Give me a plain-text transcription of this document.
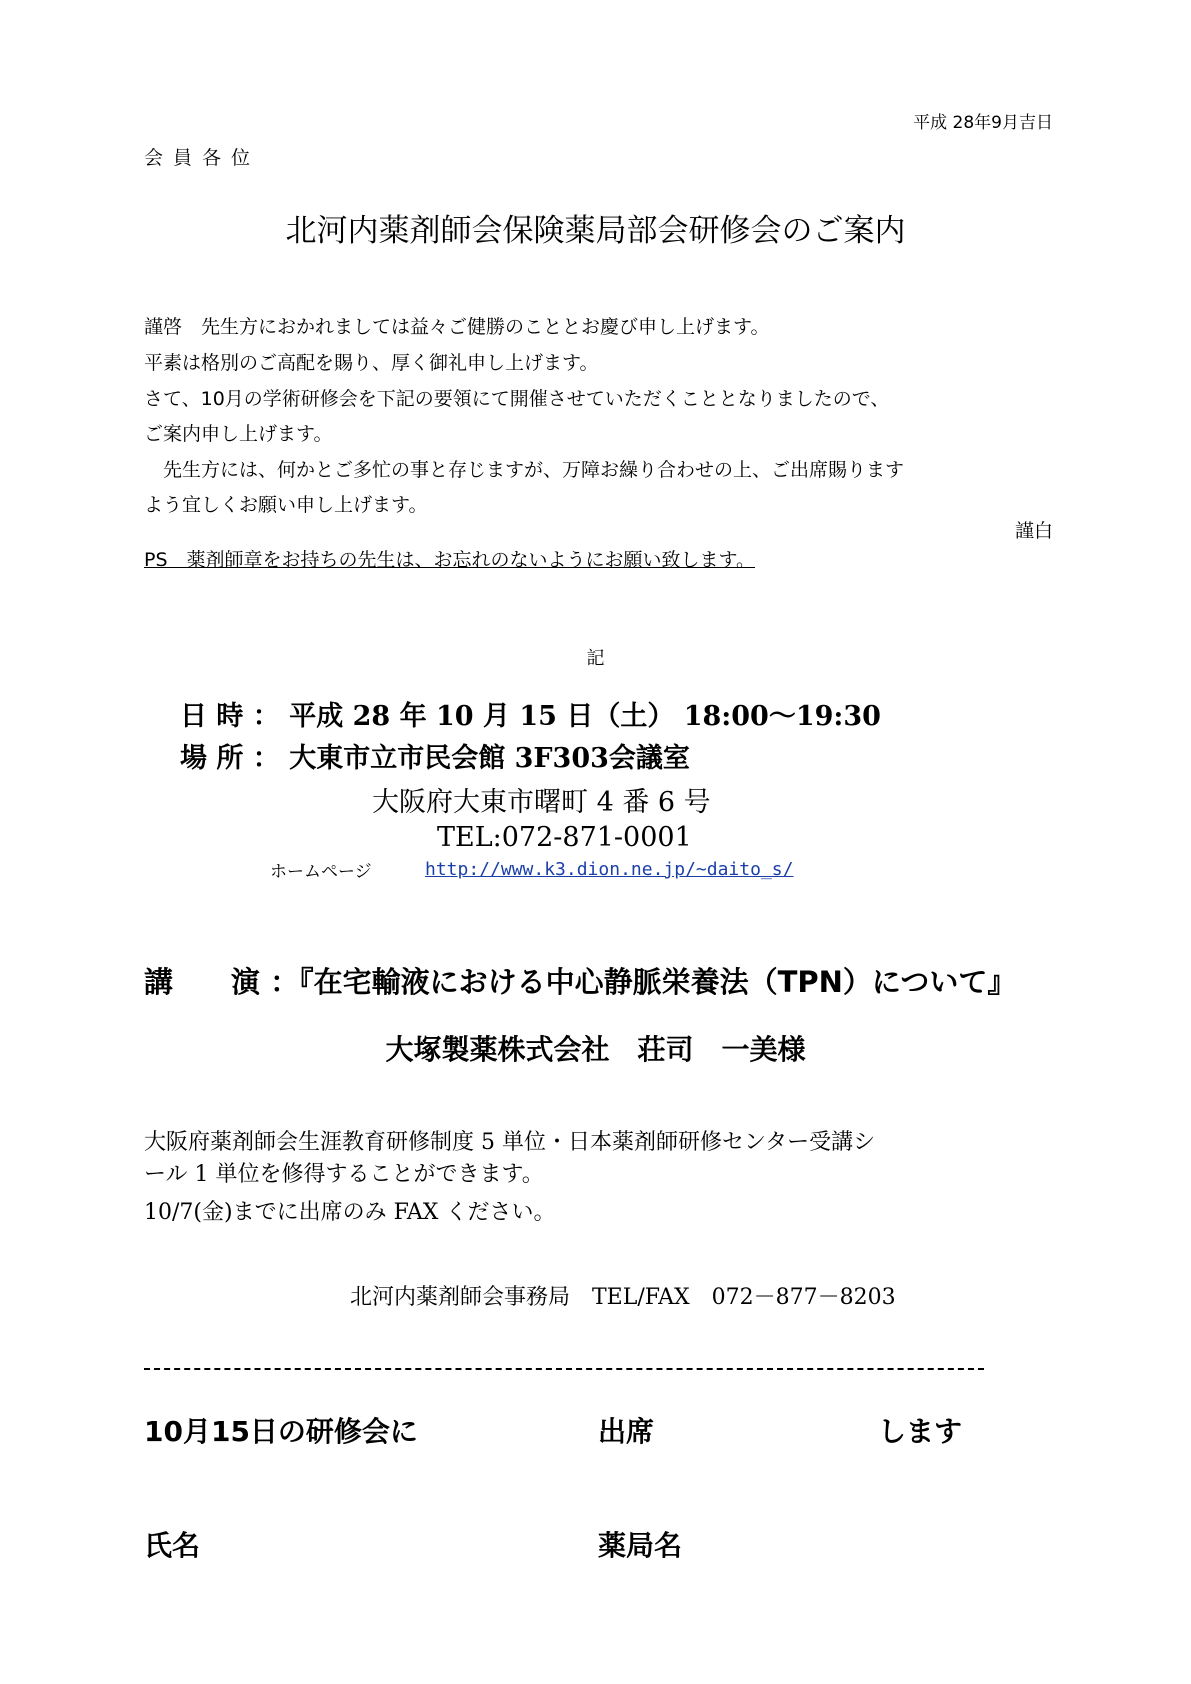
平成 28年9月吉日
会員各位
北河内薬剤師会保険薬局部会研修会のご案内
謹啓　先生方におかれましては益々ご健勝のこととお慶び申し上げます。
平素は格別のご高配を賜り、厚く御礼申し上げます。
さて、10月の学術研修会を下記の要領にて開催させていただくこととなりましたので、
ご案内申し上げます。
　先生方には、何かとご多忙の事と存じますが、万障お繰り合わせの上、ご出席賜ります
よう宜しくお願い申し上げます。
謹白
PS　薬剤師章をお持ちの先生は、お忘れのないようにお願い致します。
記
日 時 ： 平成 28 年 10 月 15 日（土） 18:00～19:30
場 所 ： 大東市立市民会館 3F303会議室
大阪府大東市曙町 4 番 6 号
TEL:072-871-0001
ホームページ	http://www.k3.dion.ne.jp/~daito_s/
講　　演 ：『在宅輸液における中心静脈栄養法（TPN）について』
大塚製薬株式会社　荘司　一美様
大阪府薬剤師会生涯教育研修制度 5 単位・日本薬剤師研修センター受講シ
ール 1 単位を修得することができます。
10/7(金)までに出席のみ FAX ください。
北河内薬剤師会事務局　TEL/FAX　072－877－8203
10月15日の研修会に	出席	します
氏名	薬局名
